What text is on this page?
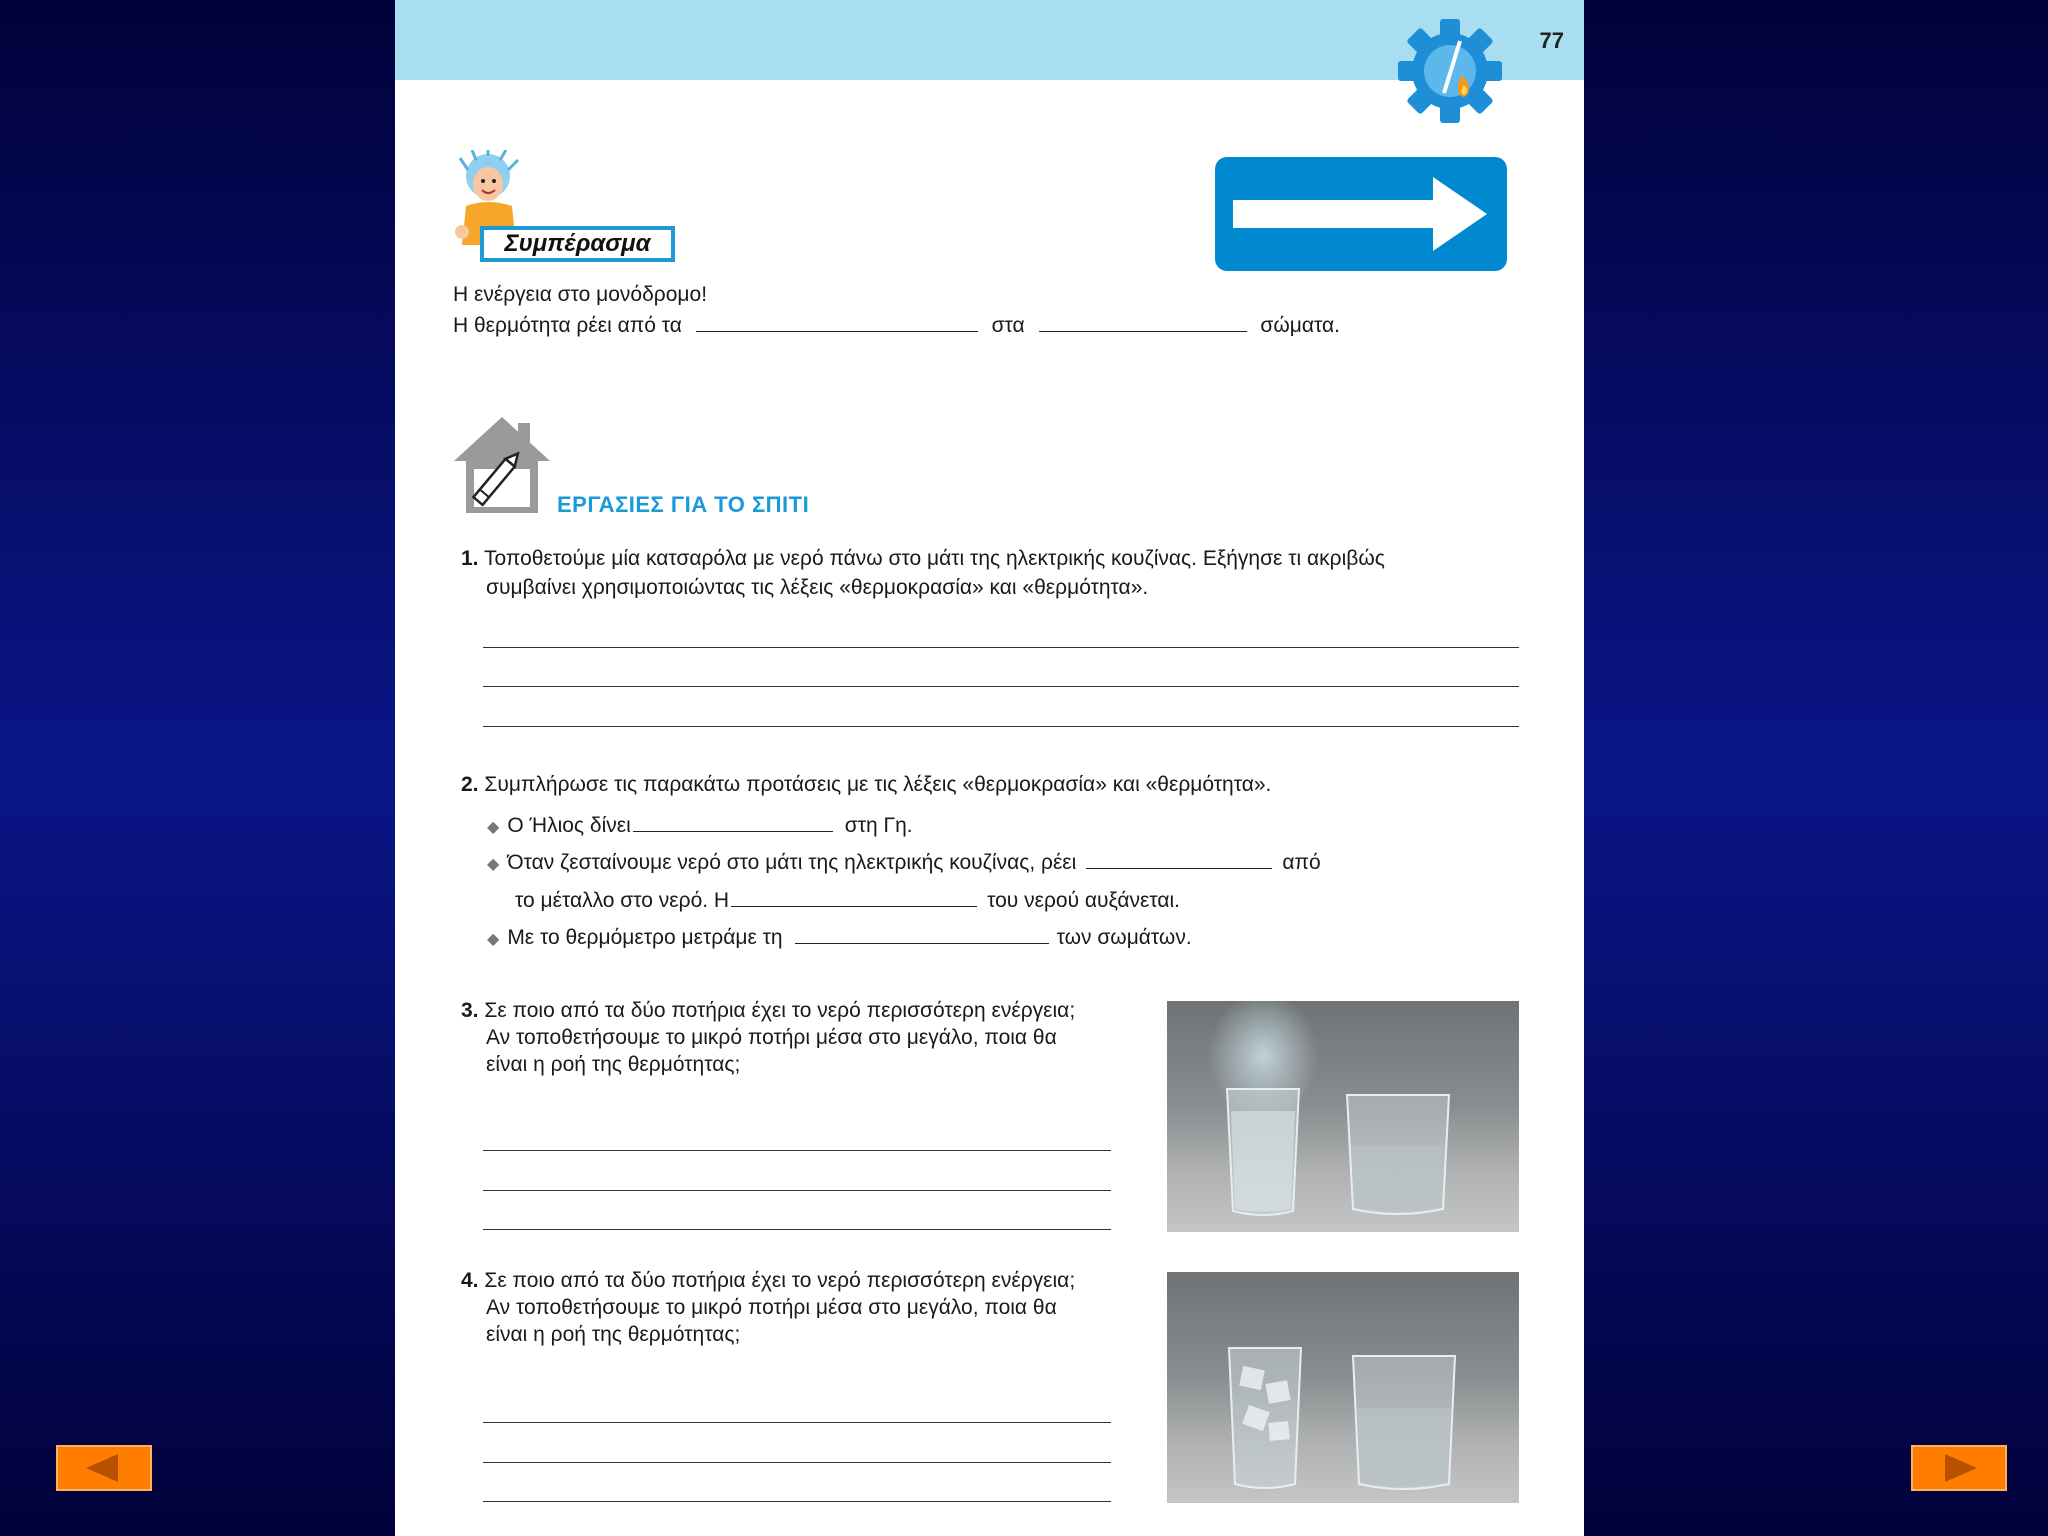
77
Συμπέρασμα
Η ενέργεια στο μονόδρομο!
Η θερμότητα ρέει από τα	στα	σώματα.
ΕΡΓΑΣΙΕΣ ΓΙΑ ΤΟ ΣΠΙΤΙ
1. Τοποθετούμε μία κατσαρόλα με νερό πάνω στο μάτι της ηλεκτρικής κουζίνας. Εξήγησε τι ακριβώς
συμβαίνει χρησιμοποιώντας τις λέξεις «θερμοκρασία» και «θερμότητα».
2. Συμπλήρωσε τις παρακάτω προτάσεις με τις λέξεις «θερμοκρασία» και «θερμότητα».
◆ Ο Ήλιος δίνει	στη Γη.
◆ Όταν ζεσταίνουμε νερό στο μάτι της ηλεκτρικής κουζίνας, ρέει	από
το μέταλλο στο νερό. Η	του νερού αυξάνεται.
◆ Με το θερμόμετρο μετράμε τη	των σωμάτων.
3. Σε ποιο από τα δύο ποτήρια έχει το νερό περισσότερη ενέργεια;
Αν τοποθετήσουμε το μικρό ποτήρι μέσα στο μεγάλο, ποια θα
είναι η ροή της θερμότητας;
4. Σε ποιο από τα δύο ποτήρια έχει το νερό περισσότερη ενέργεια;
Αν τοποθετήσουμε το μικρό ποτήρι μέσα στο μεγάλο, ποια θα
είναι η ροή της θερμότητας;
